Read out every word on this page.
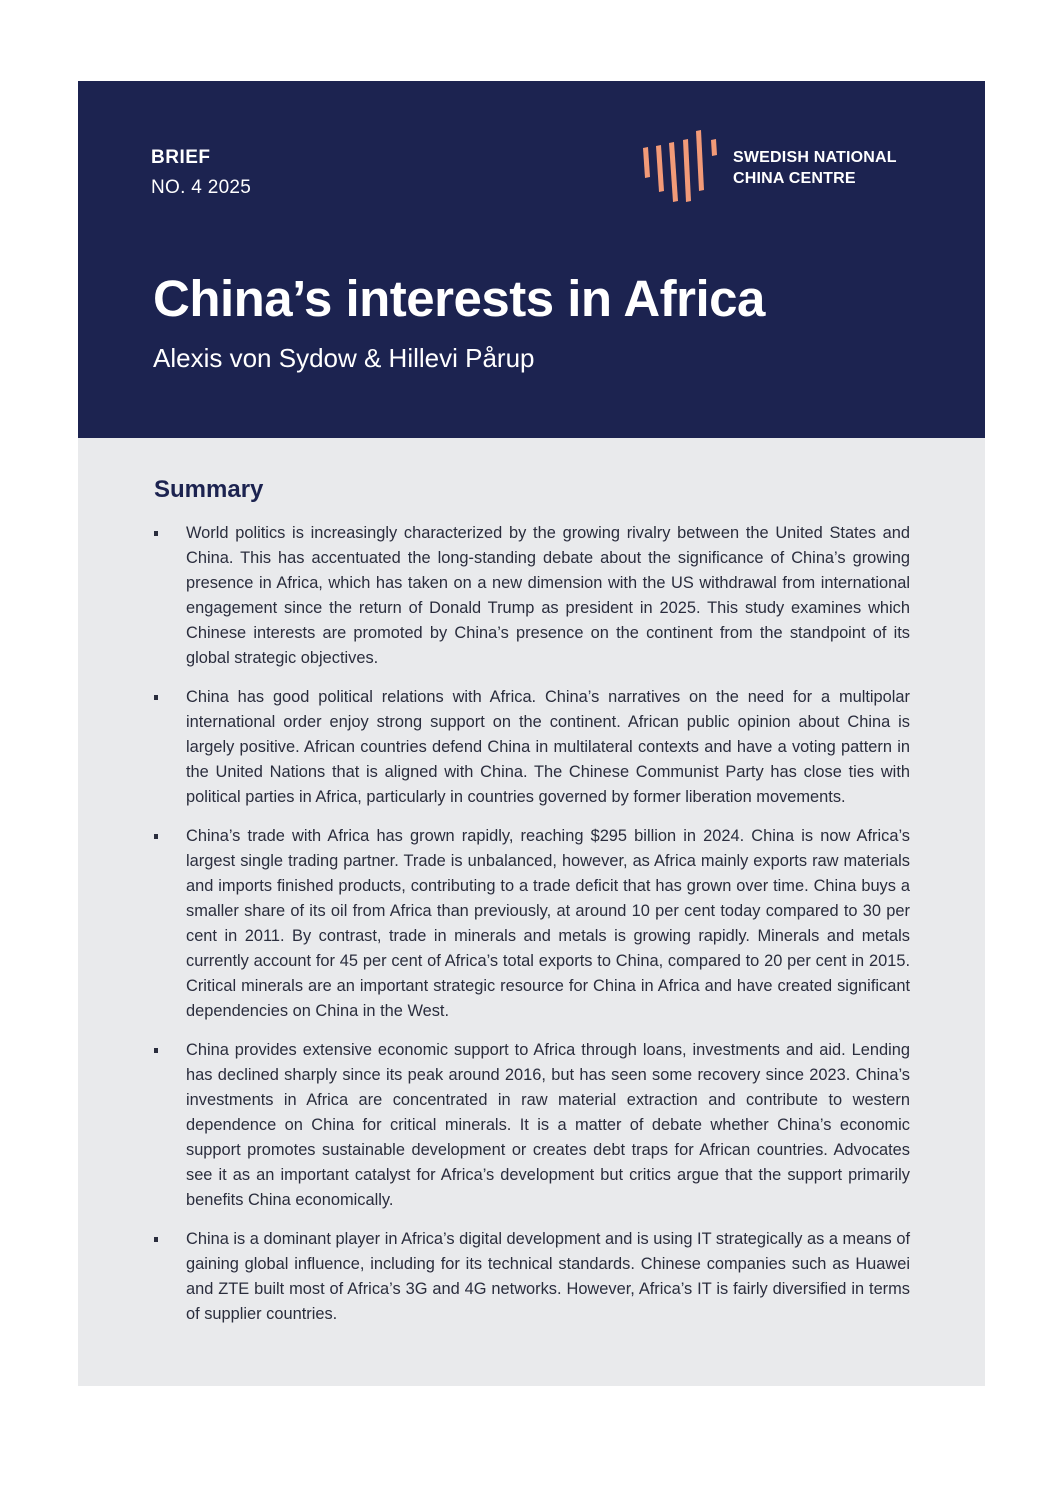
BRIEF
NO. 4 2025
SWEDISH NATIONAL
CHINA CENTRE
China’s interests in Africa
Alexis von Sydow & Hillevi Pårup
Summary
World politics is increasingly characterized by the growing rivalry between the United States and China. This has accentuated the long-standing debate about the significance of China’s growing presence in Africa, which has taken on a new dimension with the US withdrawal from international engagement since the return of Donald Trump as president in 2025. This study examines which Chinese interests are promoted by China’s presence on the continent from the standpoint of its global strategic objectives.
China has good political relations with Africa. China’s narratives on the need for a multipolar international order enjoy strong support on the continent. African public opinion about China is largely positive. African countries defend China in multilateral contexts and have a voting pattern in the United Nations that is aligned with China. The Chinese Communist Party has close ties with political parties in Africa, particularly in countries governed by former liberation movements.
China’s trade with Africa has grown rapidly, reaching $295 billion in 2024. China is now Africa’s largest single trading partner. Trade is unbalanced, however, as Africa mainly exports raw materials and imports finished products, contributing to a trade deficit that has grown over time. China buys a smaller share of its oil from Africa than previously, at around 10 per cent today compared to 30 per cent in 2011. By contrast, trade in minerals and metals is growing rapidly. Minerals and metals currently account for 45 per cent of Africa’s total exports to China, compared to 20 per cent in 2015. Critical minerals are an important strategic resource for China in Africa and have created significant dependencies on China in the West.
China provides extensive economic support to Africa through loans, investments and aid. Lending has declined sharply since its peak around 2016, but has seen some recovery since 2023. China’s investments in Africa are concentrated in raw material extraction and contribute to western dependence on China for critical minerals. It is a matter of debate whether China’s economic support promotes sustainable development or creates debt traps for African countries. Advocates see it as an important catalyst for Africa’s development but critics argue that the support primarily benefits China economically.
China is a dominant player in Africa’s digital development and is using IT strategically as a means of gaining global influence, including for its technical standards. Chinese companies such as Huawei and ZTE built most of Africa’s 3G and 4G networks. However, Africa’s IT is fairly diversified in terms of supplier countries.
